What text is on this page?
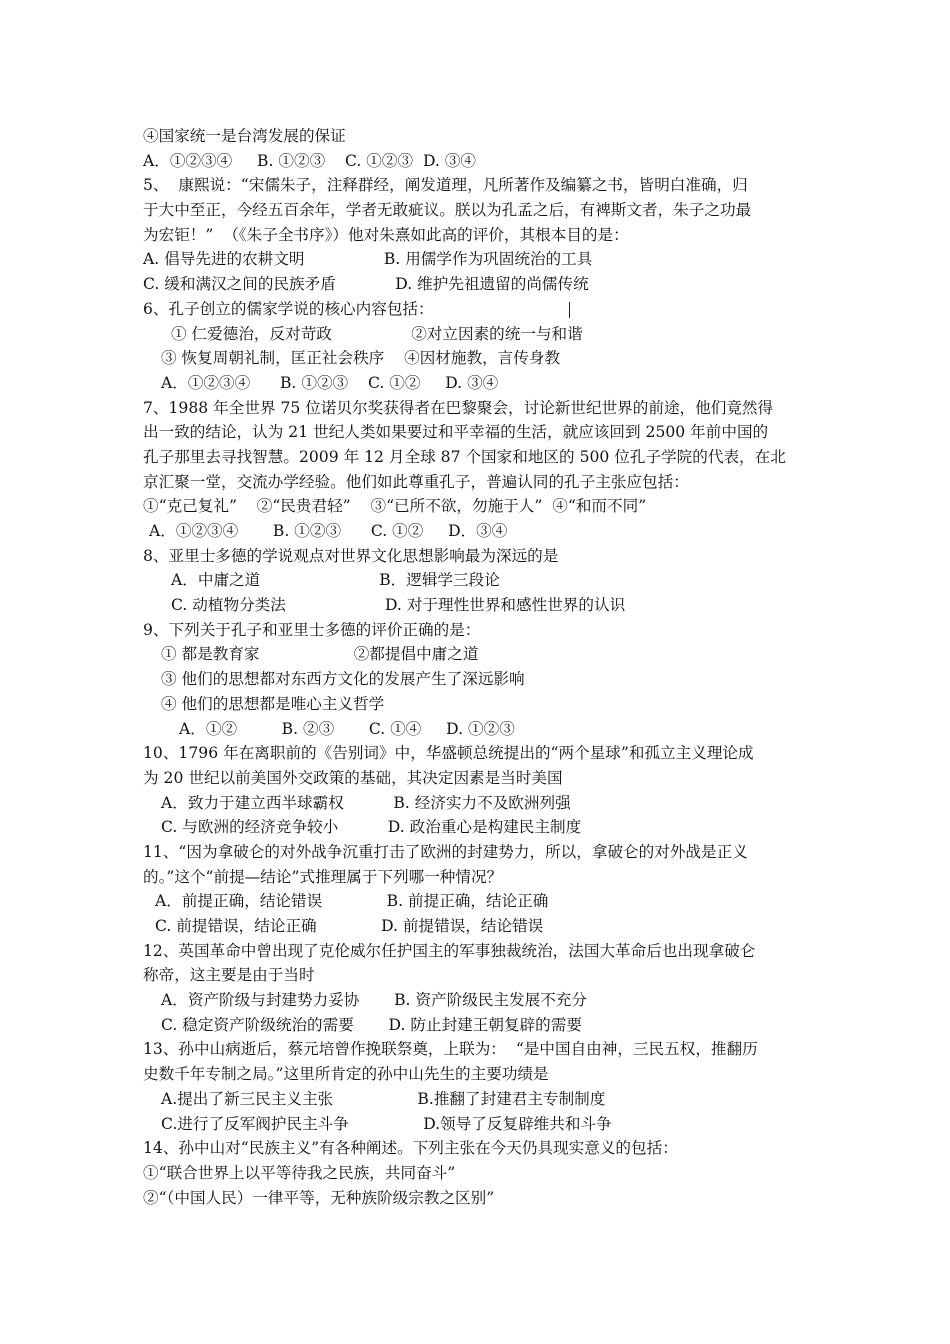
④国家统一是台湾发展的保证
A．①②③④     B. ①②③    C. ①②③  D. ③④
5、  康熙说：“宋儒朱子，注释群经，阐发道理，凡所著作及编纂之书，皆明白准确，归
于大中至正，今经五百余年，学者无敢疵议。朕以为孔孟之后，有裨斯文者，朱子之功最
为宏钜！”  （《朱子全书序》）他对朱熹如此高的评价，其根本目的是：
A. 倡导先进的农耕文明                B. 用儒学作为巩固统治的工具
C. 缓和满汉之间的民族矛盾            D. 维护先祖遗留的尚儒传统
6、孔子创立的儒家学说的核心内容包括：
① 仁爱德治，反对苛政                ②对立因素的统一与和谐
③ 恢复周朝礼制，匡正社会秩序    ④因材施教，言传身教
A．①②③④      B. ①②③    C. ①②     D. ③④
7、1988 年全世界 75 位诺贝尔奖获得者在巴黎聚会，讨论新世纪世界的前途，他们竟然得
出一致的结论，认为 21 世纪人类如果要过和平幸福的生活，就应该回到 2500 年前中国的
孔子那里去寻找智慧。2009 年 12 月全球 87 个国家和地区的 500 位孔子学院的代表，在北
京汇聚一堂，交流办学经验。他们如此尊重孔子，普遍认同的孔子主张应包括：
①“克己复礼”    ②“民贵君轻”    ③“已所不欲，勿施于人”  ④“和而不同”
A．①②③④       B. ①②③      C. ①②     D．③④
8、亚里士多德的学说观点对世界文化思想影响最为深远的是
A．中庸之道                        B．逻辑学三段论
C. 动植物分类法                    D. 对于理性世界和感性世界的认识
9、下列关于孔子和亚里士多德的评价正确的是：
① 都是教育家                   ②都提倡中庸之道
③ 他们的思想都对东西方文化的发展产生了深远影响
④ 他们的思想都是唯心主义哲学
A．①②         B. ②③       C. ①④     D. ①②③
10、1796 年在离职前的《告别词》中，华盛顿总统提出的“两个星球”和孤立主义理论成
为 20 世纪以前美国外交政策的基础，其决定因素是当时美国
A．致力于建立西半球霸权          B. 经济实力不及欧洲列强
C. 与欧洲的经济竞争较小          D. 政治重心是构建民主制度
11、“因为拿破仑的对外战争沉重打击了欧洲的封建势力，所以，拿破仑的对外战是正义
的。”这个“前提—结论”式推理属于下列哪一种情况？
A．前提正确，结论错误             B. 前提正确，结论正确
C. 前提错误，结论正确             D. 前提错误，结论错误
12、英国革命中曾出现了克伦威尔任护国主的军事独裁统治，法国大革命后也出现拿破仑
称帝，这主要是由于当时
A．资产阶级与封建势力妥协       B. 资产阶级民主发展不充分
C. 稳定资产阶级统治的需要       D. 防止封建王朝复辟的需要
13、孙中山病逝后，蔡元培曾作挽联祭奠，上联为：  “是中国自由神，三民五权，推翻历
史数千年专制之局。”这里所肯定的孙中山先生的主要功绩是
A.提出了新三民主义主张                 B.推翻了封建君主专制制度
C.进行了反军阀护民主斗争               D.领导了反复辟维共和斗争
14、孙中山对“民族主义”有各种阐述。下列主张在今天仍具现实意义的包括：
①“联合世界上以平等待我之民族，共同奋斗”
②“（中国人民）一律平等，无种族阶级宗教之区别”
